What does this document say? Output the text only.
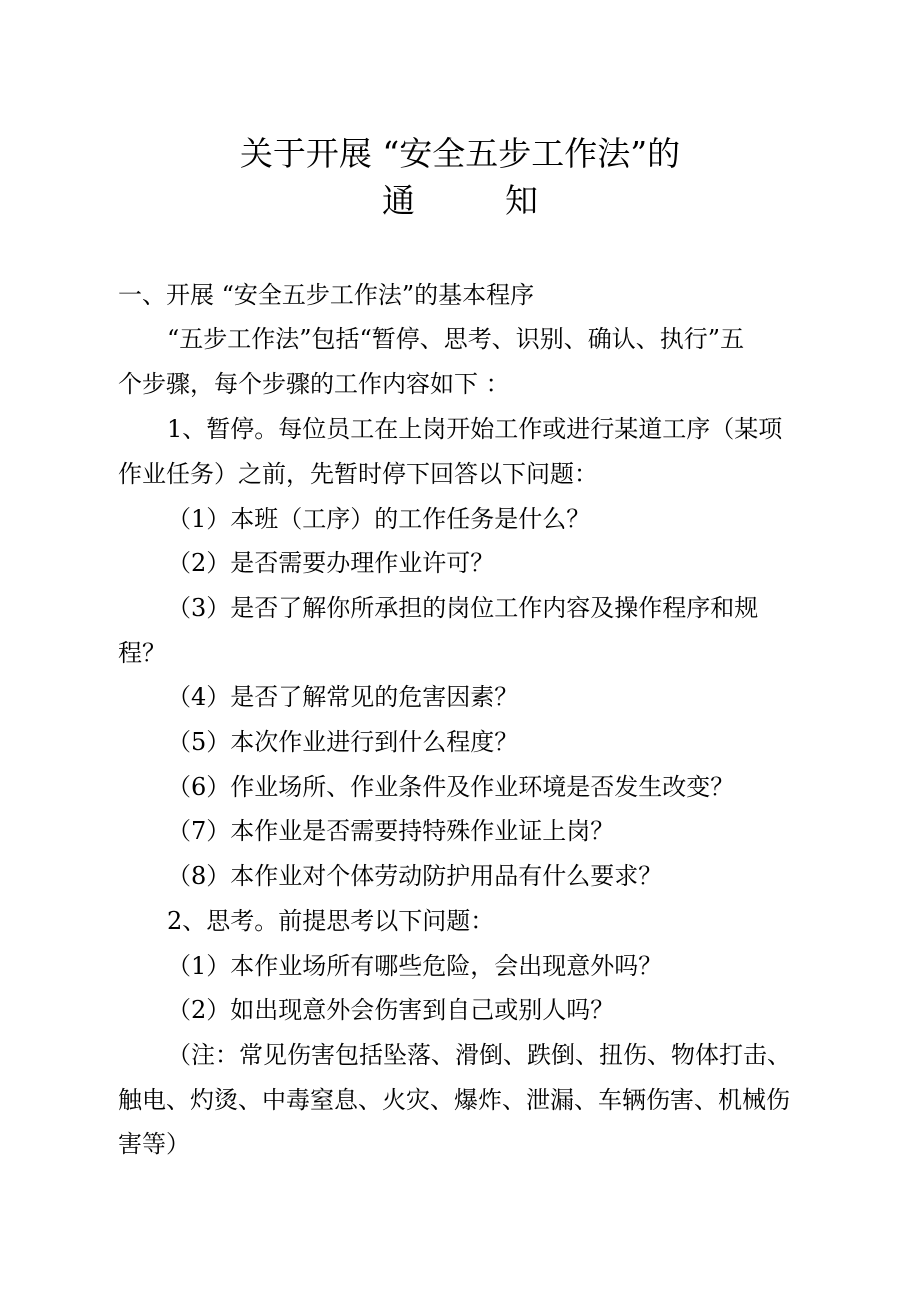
关于开展 “安全五步工作法”的
通	知
一、开展 “安全五步工作法”的基本程序
“五步工作法”包括“暂停、思考、识别、确认、执行”五
个步骤，每个步骤的工作内容如下 ：
1、暂停。每位员工在上岗开始工作或进行某道工序（某项
作业任务）之前，先暂时停下回答以下问题：
（1）本班（工序）的工作任务是什么？
（2）是否需要办理作业许可？
（3）是否了解你所承担的岗位工作内容及操作程序和规
程？
（4）是否了解常见的危害因素？
（5）本次作业进行到什么程度？
（6）作业场所、作业条件及作业环境是否发生改变？
（7）本作业是否需要持特殊作业证上岗？
（8）本作业对个体劳动防护用品有什么要求？
2、思考。前提思考以下问题：
（1）本作业场所有哪些危险，会出现意外吗？
（2）如出现意外会伤害到自己或别人吗？
（注：常见伤害包括坠落、滑倒、跌倒、扭伤、物体打击、
触电、灼烫、中毒窒息、火灾、爆炸、泄漏、车辆伤害、机械伤
害等）
